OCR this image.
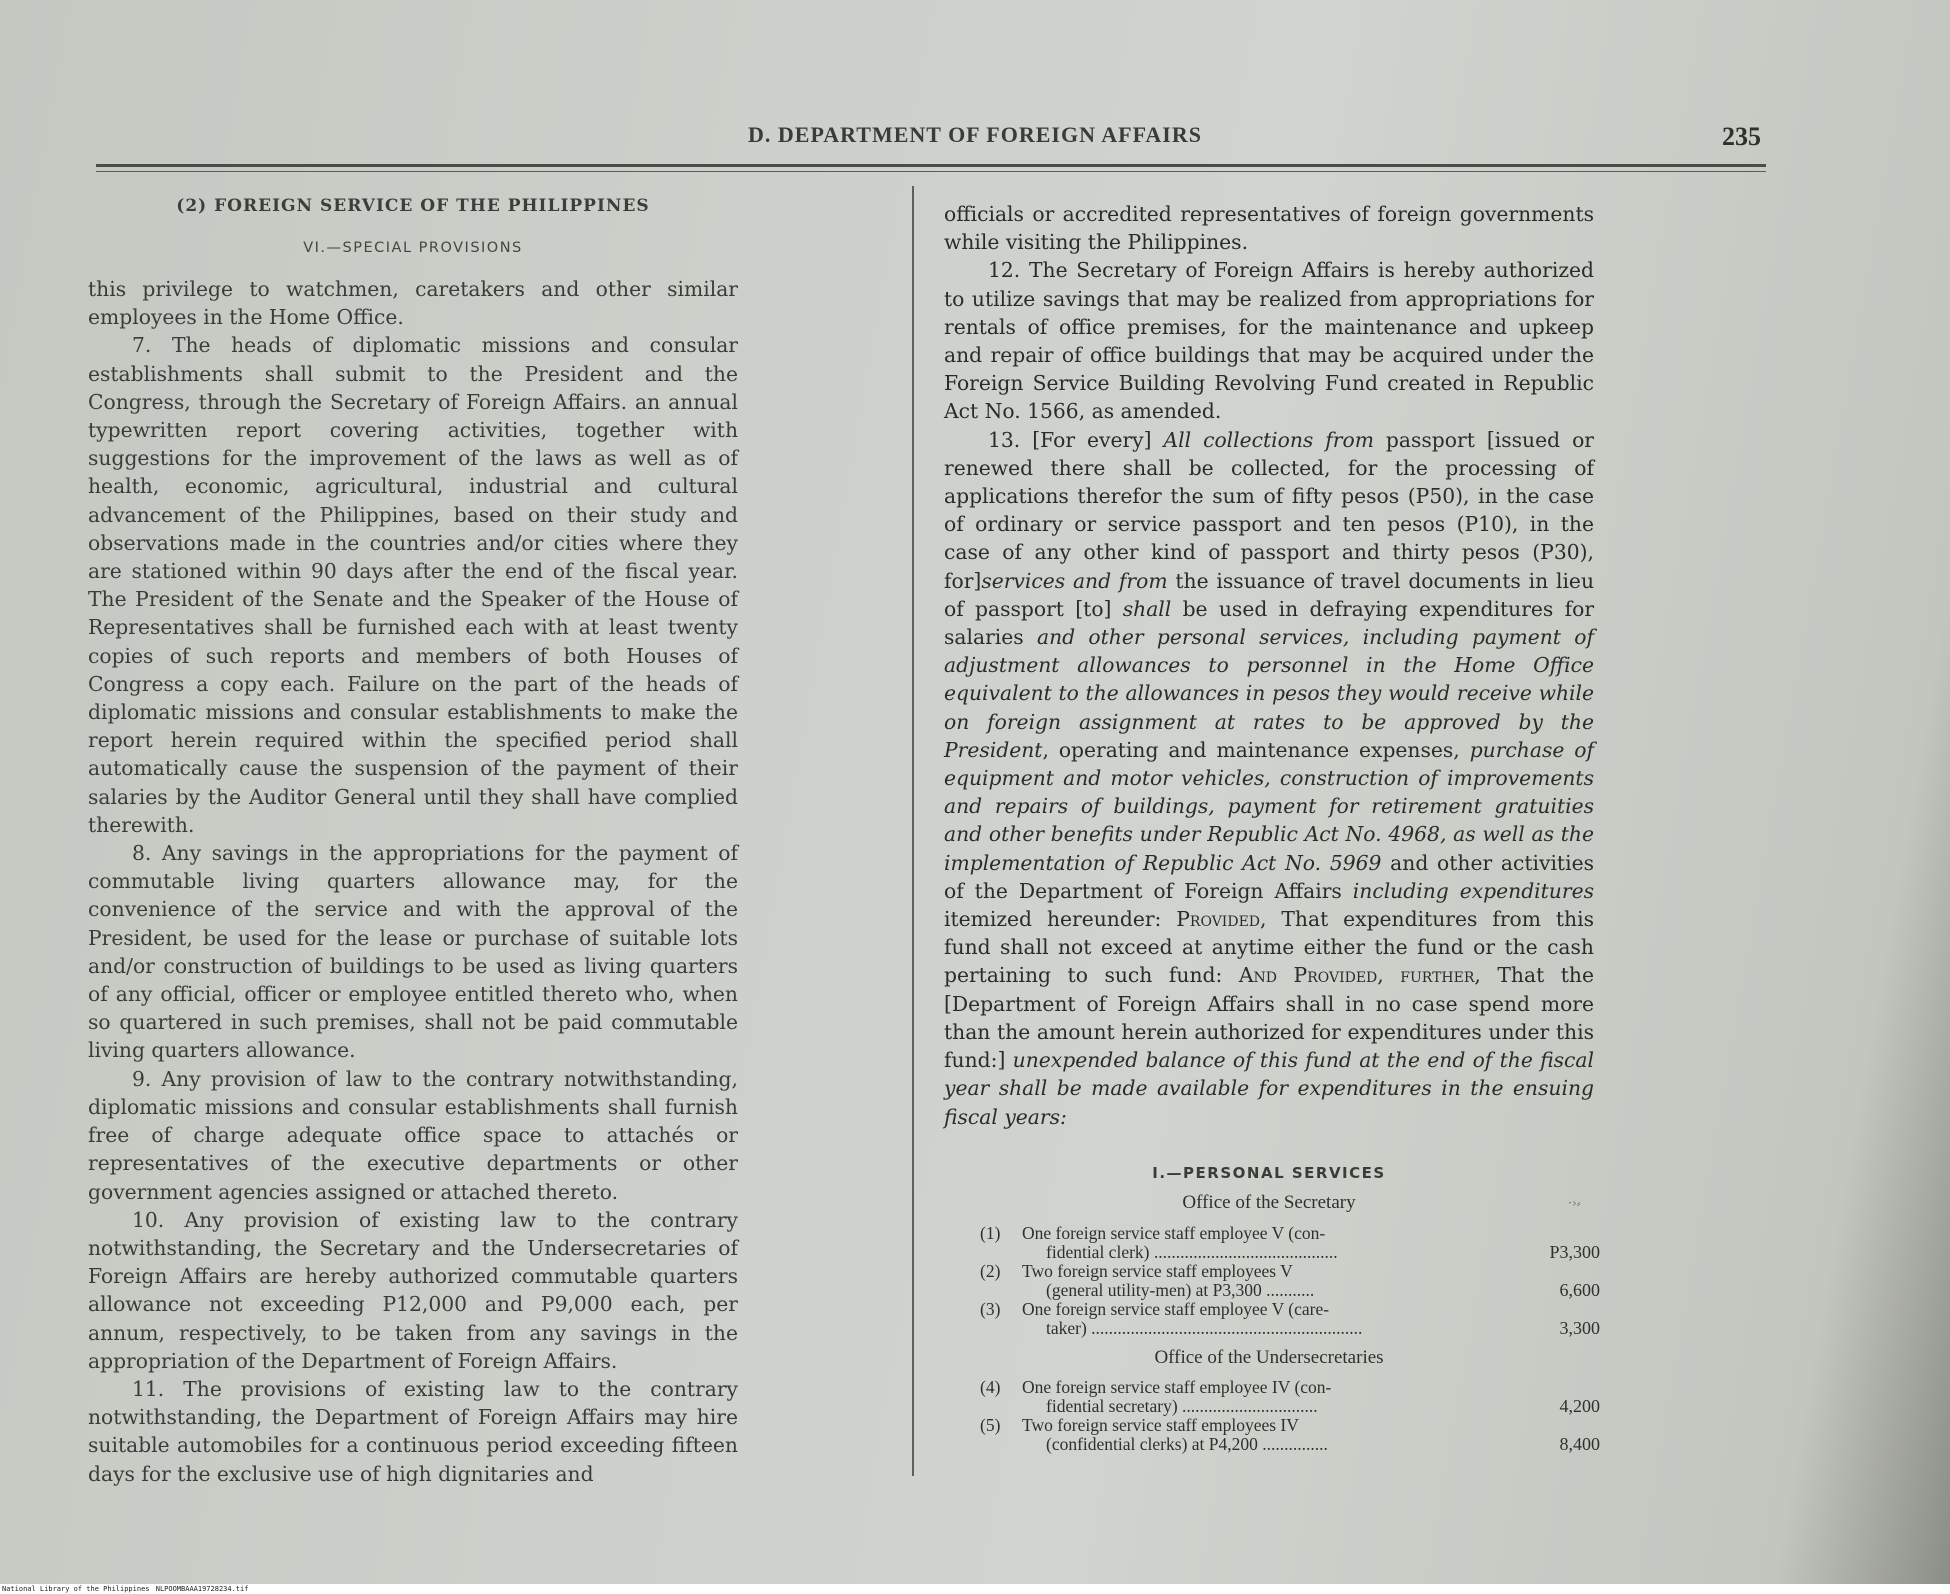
D. DEPARTMENT OF FOREIGN AFFAIRS	235
(2) FOREIGN SERVICE OF THE PHILIPPINES
VI.—SPECIAL PROVISIONS

this privilege to watchmen, caretakers and other similar employees in the Home Office.

7. The heads of diplomatic missions and consular establishments shall submit to the President and the Congress, through the Secretary of Foreign Affairs. an annual typewritten report covering activities, together with suggestions for the improvement of the laws as well as of health, economic, agricultural, industrial and cultural advancement of the Philippines, based on their study and observations made in the countries and/or cities where they are stationed within 90 days after the end of the fiscal year. The President of the Senate and the Speaker of the House of Representatives shall be furnished each with at least twenty copies of such reports and members of both Houses of Congress a copy each. Failure on the part of the heads of diplomatic missions and consular establishments to make the report herein required within the specified period shall automatically cause the suspension of the payment of their salaries by the Auditor General until they shall have complied therewith.

8. Any savings in the appropriations for the payment of commutable living quarters allowance may, for the convenience of the service and with the approval of the President, be used for the lease or purchase of suitable lots and/or construction of buildings to be used as living quarters of any official, officer or employee entitled thereto who, when so quartered in such premises, shall not be paid commutable living quarters allowance.

9. Any provision of law to the contrary notwithstanding, diplomatic missions and consular establishments shall furnish free of charge adequate office space to attachés or representatives of the executive departments or other government agencies assigned or attached thereto.

10. Any provision of existing law to the contrary notwithstanding, the Secretary and the Undersecretaries of Foreign Affairs are hereby authorized commutable quarters allowance not exceeding P12,000 and P9,000 each, per annum, respectively, to be taken from any savings in the appropriation of the Department of Foreign Affairs.

11. The provisions of existing law to the contrary notwithstanding, the Department of Foreign Affairs may hire suitable automobiles for a continuous period exceeding fifteen days for the exclusive use of high dignitaries and

officials or accredited representatives of foreign governments while visiting the Philippines.

12. The Secretary of Foreign Affairs is hereby authorized to utilize savings that may be realized from appropriations for rentals of office premises, for the maintenance and upkeep and repair of office buildings that may be acquired under the Foreign Service Building Revolving Fund created in Republic Act No. 1566, as amended.

13. [For every] All collections from passport [issued or renewed there shall be collected, for the processing of applications therefor the sum of fifty pesos (P50), in the case of ordinary or service passport and ten pesos (P10), in the case of any other kind of passport and thirty pesos (P30), for]services and from the issuance of travel documents in lieu of passport [to] shall be used in defraying expenditures for salaries and other personal services, including payment of adjustment allowances to personnel in the Home Office equivalent to the allowances in pesos they would receive while on foreign assignment at rates to be approved by the President, operating and maintenance expenses, purchase of equipment and motor vehicles, construction of improvements and repairs of buildings, payment for retirement gratuities and other benefits under Republic Act No. 4968, as well as the implementation of Republic Act No. 5969 and other activities of the Department of Foreign Affairs including expenditures itemized hereunder: Provided, That expenditures from this fund shall not exceed at anytime either the fund or the cash pertaining to such fund: And Provided, further, That the [Department of Foreign Affairs shall in no case spend more than the amount herein authorized for expenditures under this fund:] unexpended balance of this fund at the end of the fiscal year shall be made available for expenditures in the ensuing fiscal years:

I.—PERSONAL SERVICES
·›⸗
Office of the Secretary
Office of the Undersecretaries
(1) One foreign service staff employee V (con-
fidential clerk) ..........................................	P3,300
(2) Two foreign service staff employees V
(general utility-men) at P3,300 ...........	6,600
(3) One foreign service staff employee V (care-
taker) ..............................................................	3,300
(4) One foreign service staff employee IV (con-
fidential secretary) ...............................	4,200
(5) Two foreign service staff employees IV
(confidential clerks) at P4,200 ...............	8,400
National Library of the Philippines NLPOOMBAAA19728234.tif
